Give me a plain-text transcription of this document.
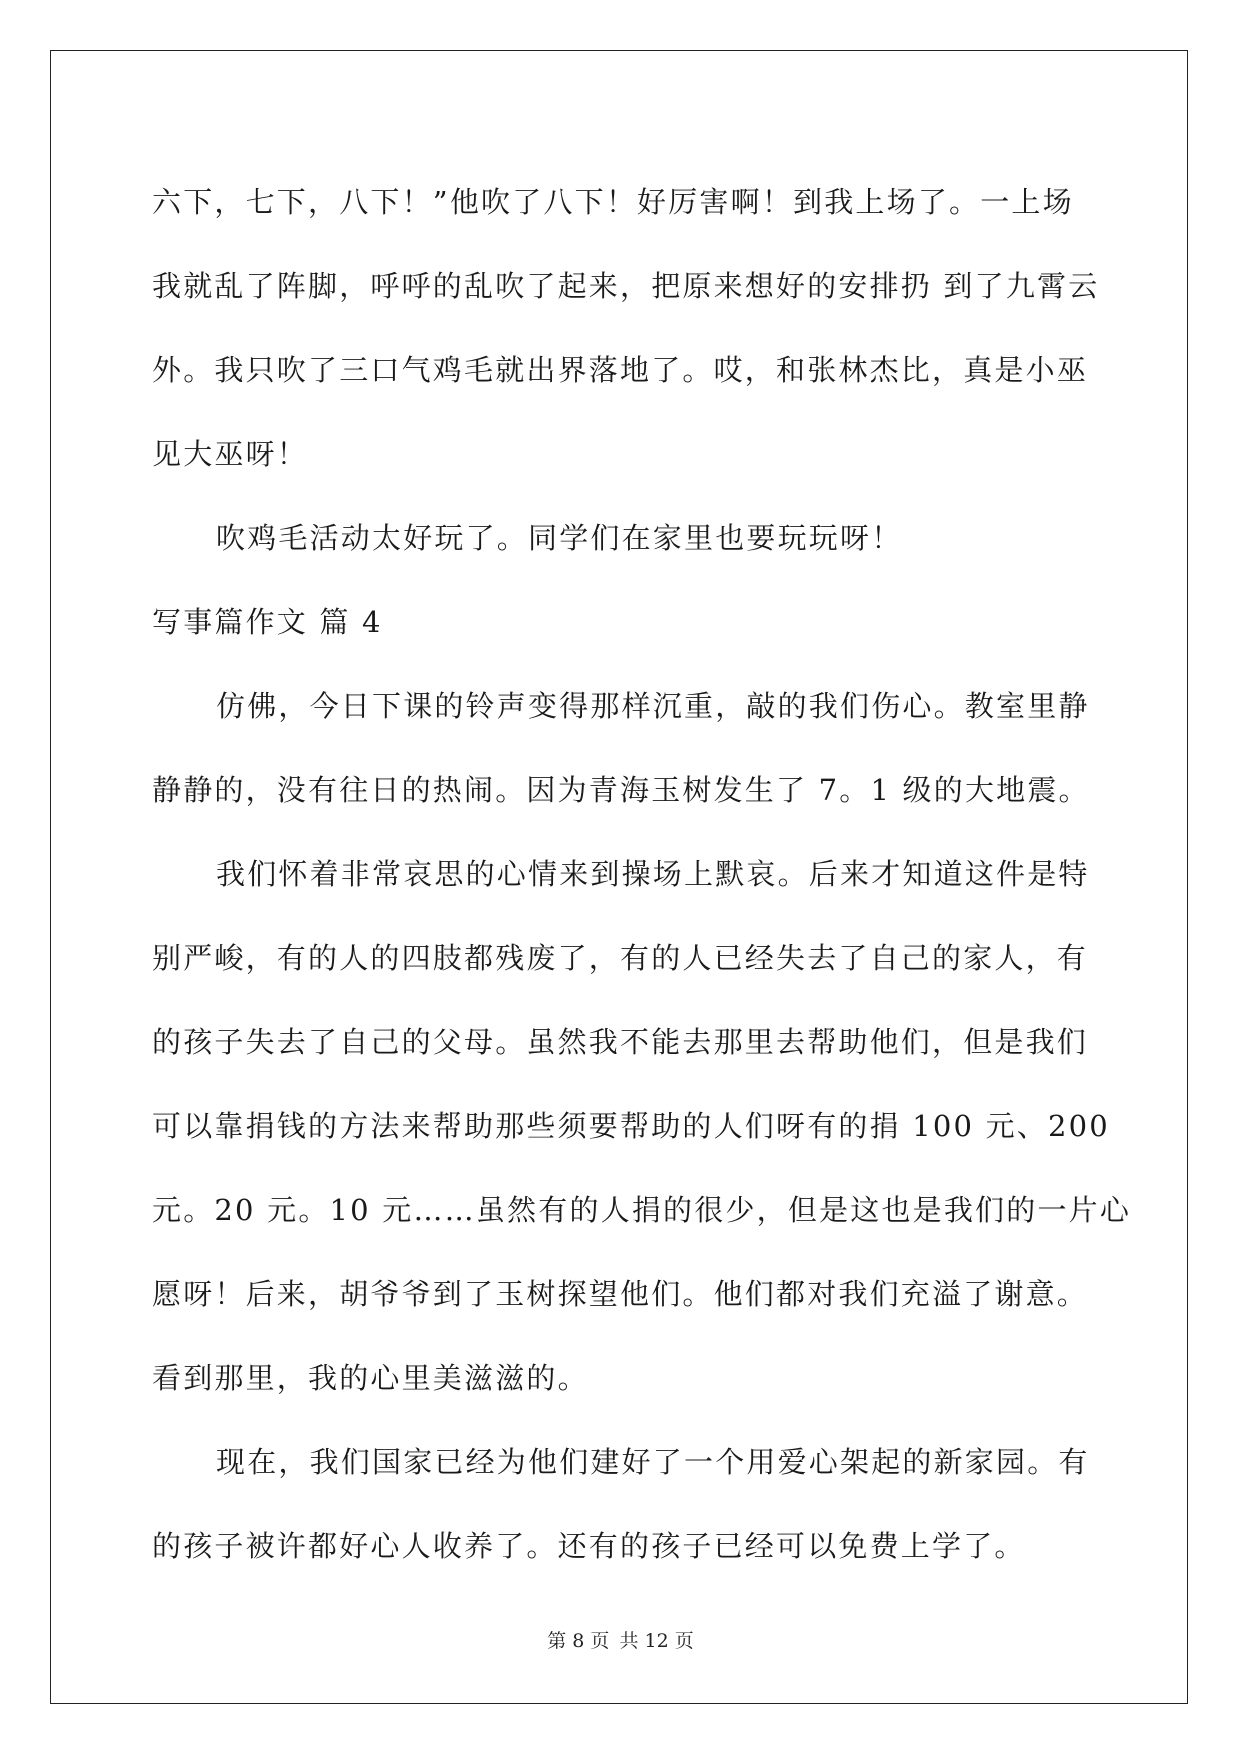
六下，七下，八下！”他吹了八下！好厉害啊！到我上场了。一上场
我就乱了阵脚，呼呼的乱吹了起来，把原来想好的安排扔 到了九霄云
外。我只吹了三口气鸡毛就出界落地了。哎，和张林杰比，真是小巫
见大巫呀！
吹鸡毛活动太好玩了。同学们在家里也要玩玩呀！
写事篇作文 篇 4
仿佛，今日下课的铃声变得那样沉重，敲的我们伤心。教室里静
静静的，没有往日的热闹。因为青海玉树发生了 7。1 级的大地震。
我们怀着非常哀思的心情来到操场上默哀。后来才知道这件是特
别严峻，有的人的四肢都残废了，有的人已经失去了自己的家人，有
的孩子失去了自己的父母。虽然我不能去那里去帮助他们，但是我们
可以靠捐钱的方法来帮助那些须要帮助的人们呀有的捐 100 元、200
元。20 元。10 元……虽然有的人捐的很少，但是这也是我们的一片心
愿呀！后来，胡爷爷到了玉树探望他们。他们都对我们充溢了谢意。
看到那里，我的心里美滋滋的。
现在，我们国家已经为他们建好了一个用爱心架起的新家园。有
的孩子被许都好心人收养了。还有的孩子已经可以免费上学了。
第 8 页 共 12 页
